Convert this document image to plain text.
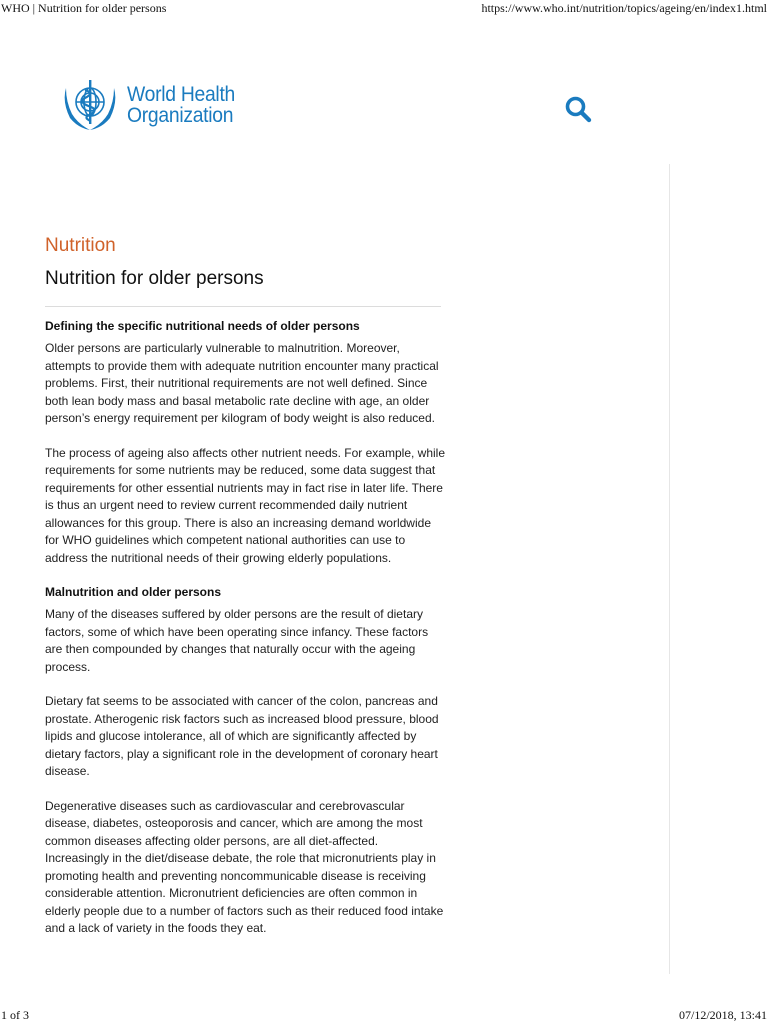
WHO | Nutrition for older persons	https://www.who.int/nutrition/topics/ageing/en/index1.html
World Health
Organization
Nutrition
Nutrition for older persons
Defining the specific nutritional needs of older persons

Older persons are particularly vulnerable to malnutrition. Moreover, attempts to provide them with adequate nutrition encounter many practical problems. First, their nutritional requirements are not well defined. Since both lean body mass and basal metabolic rate decline with age, an older person’s energy requirement per kilogram of body weight is also reduced.

The process of ageing also affects other nutrient needs. For example, while requirements for some nutrients may be reduced, some data suggest that requirements for other essential nutrients may in fact rise in later life. There is thus an urgent need to review current recommended daily nutrient allowances for this group. There is also an increasing demand worldwide for WHO guidelines which competent national authorities can use to address the nutritional needs of their growing elderly populations.

Malnutrition and older persons

Many of the diseases suffered by older persons are the result of dietary factors, some of which have been operating since infancy. These factors are then compounded by changes that naturally occur with the ageing process.

Dietary fat seems to be associated with cancer of the colon, pancreas and prostate. Atherogenic risk factors such as increased blood pressure, blood lipids and glucose intolerance, all of which are significantly affected by dietary factors, play a significant role in the development of coronary heart disease.

Degenerative diseases such as cardiovascular and cerebrovascular disease, diabetes, osteoporosis and cancer, which are among the most common diseases affecting older persons, are all diet-affected. Increasingly in the diet/disease debate, the role that micronutrients play in promoting health and preventing noncommunicable disease is receiving considerable attention. Micronutrient deficiencies are often common in elderly people due to a number of factors such as their reduced food intake and a lack of variety in the foods they eat.

1 of 3	07/12/2018, 13:41
